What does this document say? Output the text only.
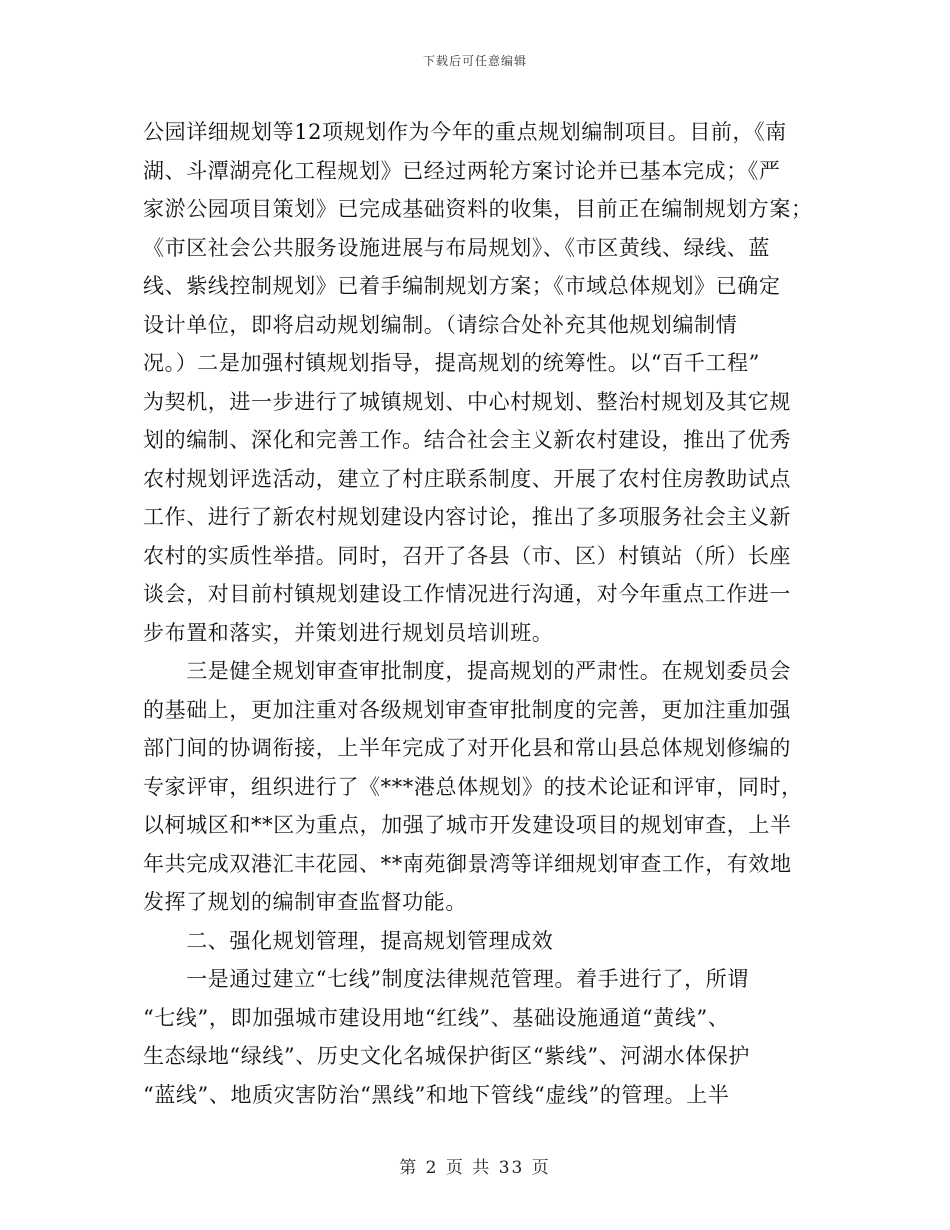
下载后可任意编辑
公园详细规划等12项规划作为今年的重点规划编制项目。目前，《南
湖、斗潭湖亮化工程规划》已经过两轮方案讨论并已基本完成；《严
家淤公园项目策划》已完成基础资料的收集，目前正在编制规划方案；
《市区社会公共服务设施进展与布局规划》、《市区黄线、绿线、蓝
线、紫线控制规划》已着手编制规划方案；《市域总体规划》已确定
设计单位，即将启动规划编制。（请综合处补充其他规划编制情
况。）二是加强村镇规划指导，提高规划的统筹性。以“百千工程”
为契机，进一步进行了城镇规划、中心村规划、整治村规划及其它规
划的编制、深化和完善工作。结合社会主义新农村建设，推出了优秀
农村规划评选活动，建立了村庄联系制度、开展了农村住房教助试点
工作、进行了新农村规划建设内容讨论，推出了多项服务社会主义新
农村的实质性举措。同时，召开了各县（市、区）村镇站（所）长座
谈会，对目前村镇规划建设工作情况进行沟通，对今年重点工作进一
步布置和落实，并策划进行规划员培训班。
　　三是健全规划审查审批制度，提高规划的严肃性。在规划委员会
的基础上，更加注重对各级规划审查审批制度的完善，更加注重加强
部门间的协调衔接，上半年完成了对开化县和常山县总体规划修编的
专家评审，组织进行了《***港总体规划》的技术论证和评审，同时，
以柯城区和**区为重点，加强了城市开发建设项目的规划审查，上半
年共完成双港汇丰花园、**南苑御景湾等详细规划审查工作，有效地
发挥了规划的编制审查监督功能。
　　二、强化规划管理，提高规划管理成效
　　一是通过建立“七线”制度法律规范管理。着手进行了，所谓
“七线”，即加强城市建设用地“红线”、基础设施通道“黄线”、
生态绿地“绿线”、历史文化名城保护街区“紫线”、河湖水体保护
“蓝线”、地质灾害防治“黑线”和地下管线“虚线”的管理。上半
第 2 页 共 33 页
